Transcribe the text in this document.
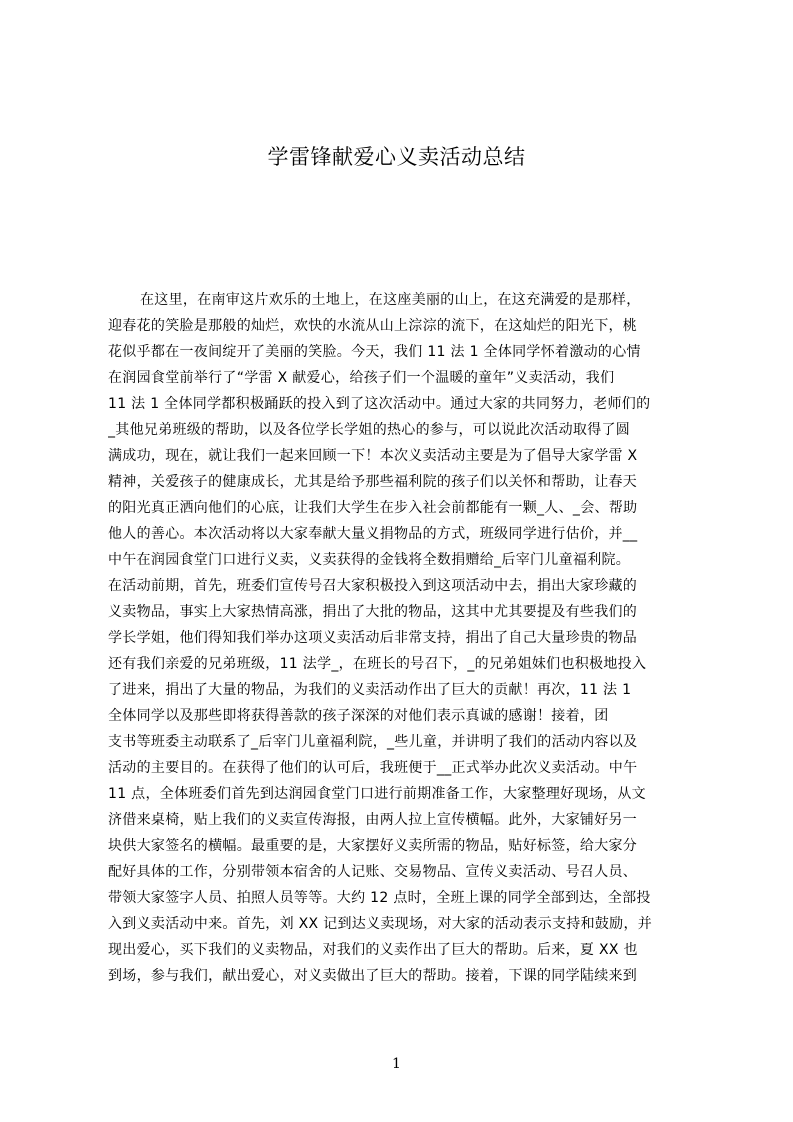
学雷锋献爱心义卖活动总结
在这里，在南审这片欢乐的土地上，在这座美丽的山上，在这充满爱的是那样，
迎春花的笑脸是那般的灿烂，欢快的水流从山上淙淙的流下，在这灿烂的阳光下，桃
花似乎都在一夜间绽开了美丽的笑脸。今天，我们 11 法 1 全体同学怀着激动的心情
在润园食堂前举行了“学雷 X 献爱心，给孩子们一个温暖的童年”义卖活动，我们
11 法 1 全体同学都积极踊跃的投入到了这次活动中。通过大家的共同努力，老师们的
_其他兄弟班级的帮助，以及各位学长学姐的热心的参与，可以说此次活动取得了圆
满成功，现在，就让我们一起来回顾一下！本次义卖活动主要是为了倡导大家学雷 X
精神，关爱孩子的健康成长，尤其是给予那些福利院的孩子们以关怀和帮助，让春天
的阳光真正洒向他们的心底，让我们大学生在步入社会前都能有一颗_人、_会、帮助
他人的善心。本次活动将以大家奉献大量义捐物品的方式，班级同学进行估价，并__
中午在润园食堂门口进行义卖，义卖获得的金钱将全数捐赠给_后宰门儿童福利院。
在活动前期，首先，班委们宣传号召大家积极投入到这项活动中去，捐出大家珍藏的
义卖物品，事实上大家热情高涨，捐出了大批的物品，这其中尤其要提及有些我们的
学长学姐，他们得知我们举办这项义卖活动后非常支持，捐出了自己大量珍贵的物品
还有我们亲爱的兄弟班级，11 法学_，在班长的号召下，_的兄弟姐妹们也积极地投入
了进来，捐出了大量的物品，为我们的义卖活动作出了巨大的贡献！再次，11 法 1
全体同学以及那些即将获得善款的孩子深深的对他们表示真诚的感谢！接着，团
支书等班委主动联系了_后宰门儿童福利院，_些儿童，并讲明了我们的活动内容以及
活动的主要目的。在获得了他们的认可后，我班便于__正式举办此次义卖活动。中午
11 点，全体班委们首先到达润园食堂门口进行前期准备工作，大家整理好现场，从文
济借来桌椅，贴上我们的义卖宣传海报，由两人拉上宣传横幅。此外，大家铺好另一
块供大家签名的横幅。最重要的是，大家摆好义卖所需的物品，贴好标签，给大家分
配好具体的工作，分别带领本宿舍的人记账、交易物品、宣传义卖活动、号召人员、
带领大家签字人员、拍照人员等等。大约 12 点时，全班上课的同学全部到达，全部投
入到义卖活动中来。首先，刘 XX 记到达义卖现场，对大家的活动表示支持和鼓励，并
现出爱心，买下我们的义卖物品，对我们的义卖作出了巨大的帮助。后来，夏 XX 也
到场，参与我们，献出爱心，对义卖做出了巨大的帮助。接着，下课的同学陆续来到
1
